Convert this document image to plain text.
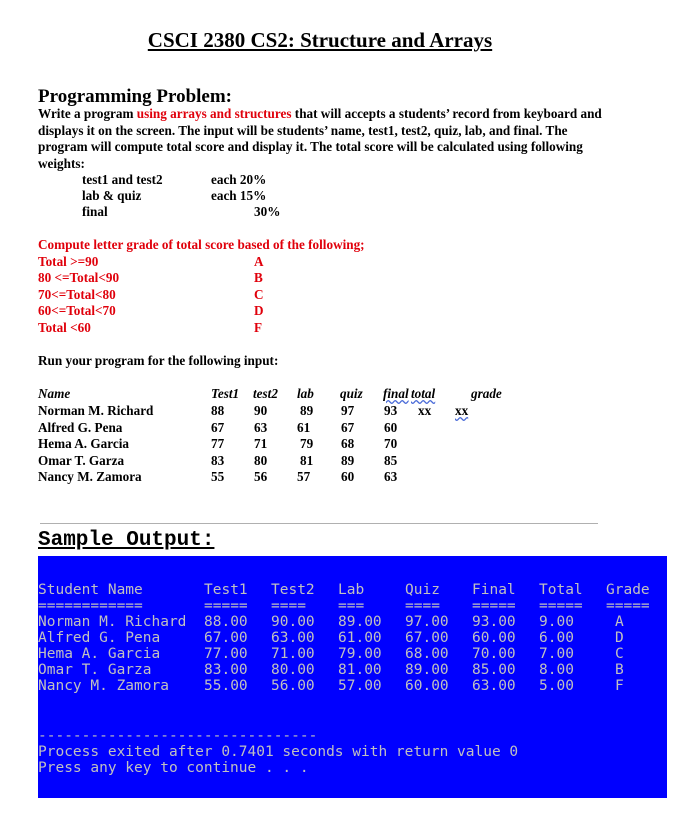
CSCI 2380 CS2: Structure and Arrays
Programming Problem:
Write a program using arrays and structures that will accepts a students’ record from keyboard and displays it on the screen. The input will be students’ name, test1, test2, quiz, lab, and final. The program will compute total score and display it. The total score will be calculated using following weights:
test1 and test2	each 20%
lab & quiz	each 15%
final	30%
Compute letter grade of total score based of the following;
Total >=90	A
80 <=Total<90	B
70<=Total<80	C
60<=Total<70	D
Total <60	F
Run your program for the following input:
Name	Test1 test2 lab quiz final total	grade
Norman M. Richard	88 90 89 97 93 xx xx
Alfred G. Pena	67 63 61 67 60
Hema A. Garcia	77 71 79 68 70
Omar T. Garza	83 80 81 89 85
Nancy M. Zamora	55 56 57 60 63
Sample Output:
Student Name	Test1 Test2 Lab	Quiz Final Total Grade
============	===== ==== ===	==== ===== ===== =====
Norman M. Richard 88.00 90.00 89.00 97.00 93.00 9.00	A
Alfred G. Pena	67.00 63.00 61.00 67.00 60.00 6.00	D
Hema A. Garcia	77.00 71.00 79.00 68.00 70.00 7.00	C
Omar T. Garza	83.00 80.00 81.00 89.00 85.00 8.00	B
Nancy M. Zamora 55.00 56.00 57.00 60.00 63.00 5.00	F
--------------------------------
Process exited after 0.7401 seconds with return value 0
Press any key to continue . . .
